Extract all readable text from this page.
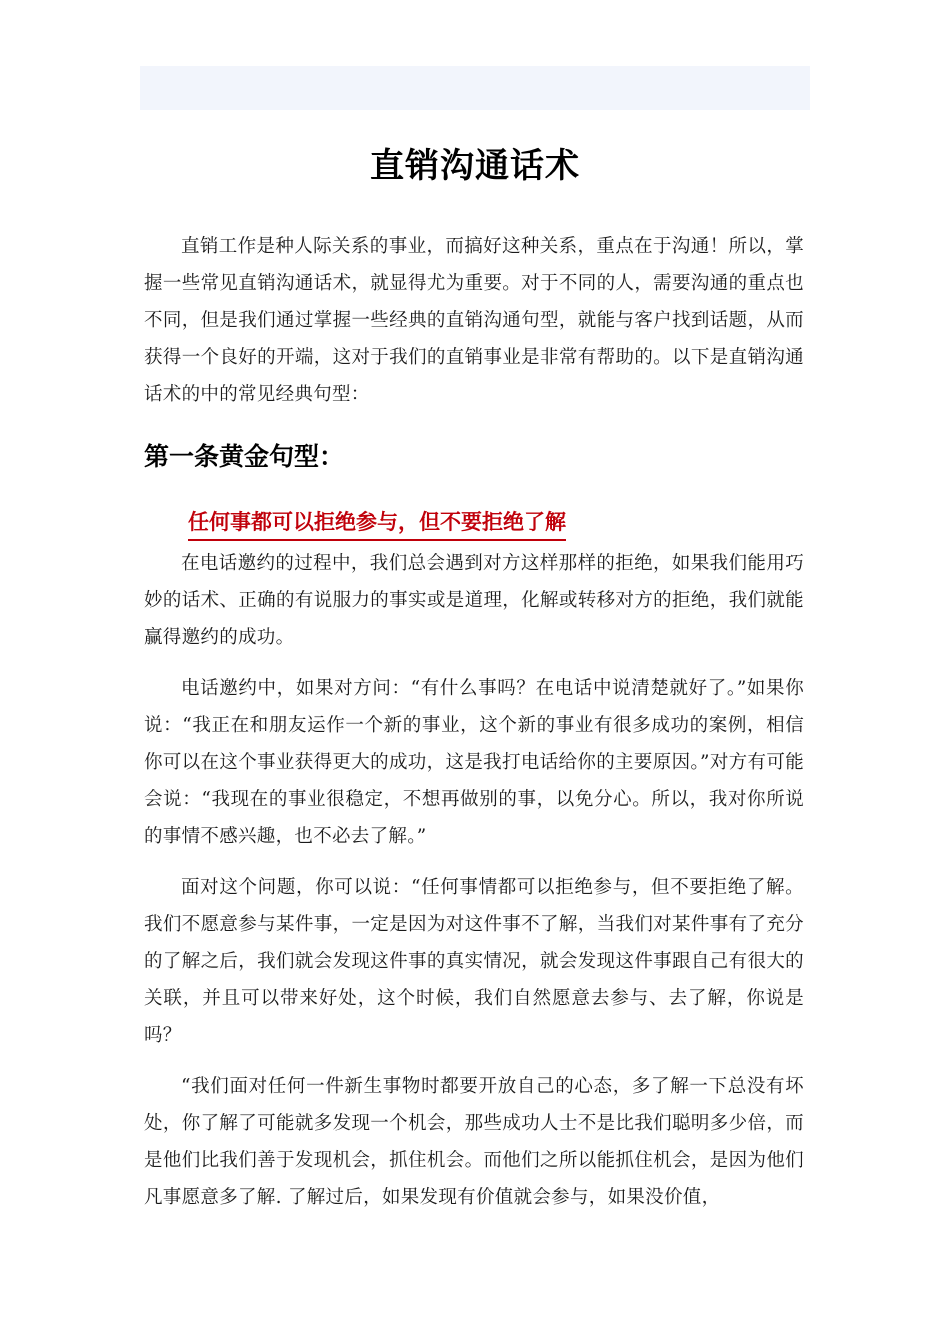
直销沟通话术

直销工作是种人际关系的事业，而搞好这种关系，重点在于沟通！所以，掌握一些常见直销沟通话术，就显得尤为重要。对于不同的人，需要沟通的重点也不同，但是我们通过掌握一些经典的直销沟通句型，就能与客户找到话题，从而获得一个良好的开端，这对于我们的直销事业是非常有帮助的。以下是直销沟通话术的中的常见经典句型：

第一条黄金句型：
任何事都可以拒绝参与，但不要拒绝了解

在电话邀约的过程中，我们总会遇到对方这样那样的拒绝，如果我们能用巧妙的话术、正确的有说服力的事实或是道理，化解或转移对方的拒绝，我们就能赢得邀约的成功。

电话邀约中，如果对方问：“有什么事吗？在电话中说清楚就好了。”如果你说：“我正在和朋友运作一个新的事业，这个新的事业有很多成功的案例，相信你可以在这个事业获得更大的成功，这是我打电话给你的主要原因。”对方有可能会说：“我现在的事业很稳定，不想再做别的事，以免分心。所以，我对你所说的事情不感兴趣，也不必去了解。”

面对这个问题，你可以说：“任何事情都可以拒绝参与，但不要拒绝了解。我们不愿意参与某件事，一定是因为对这件事不了解，当我们对某件事有了充分的了解之后，我们就会发现这件事的真实情况，就会发现这件事跟自己有很大的关联，并且可以带来好处，这个时候，我们自然愿意去参与、去了解，你说是吗？

“我们面对任何一件新生事物时都要开放自己的心态，多了解一下总没有坏处，你了解了可能就多发现一个机会，那些成功人士不是比我们聪明多少倍，而是他们比我们善于发现机会，抓住机会。而他们之所以能抓住机会，是因为他们凡事愿意多了解. 了解过后，如果发现有价值就会参与，如果没价值，
